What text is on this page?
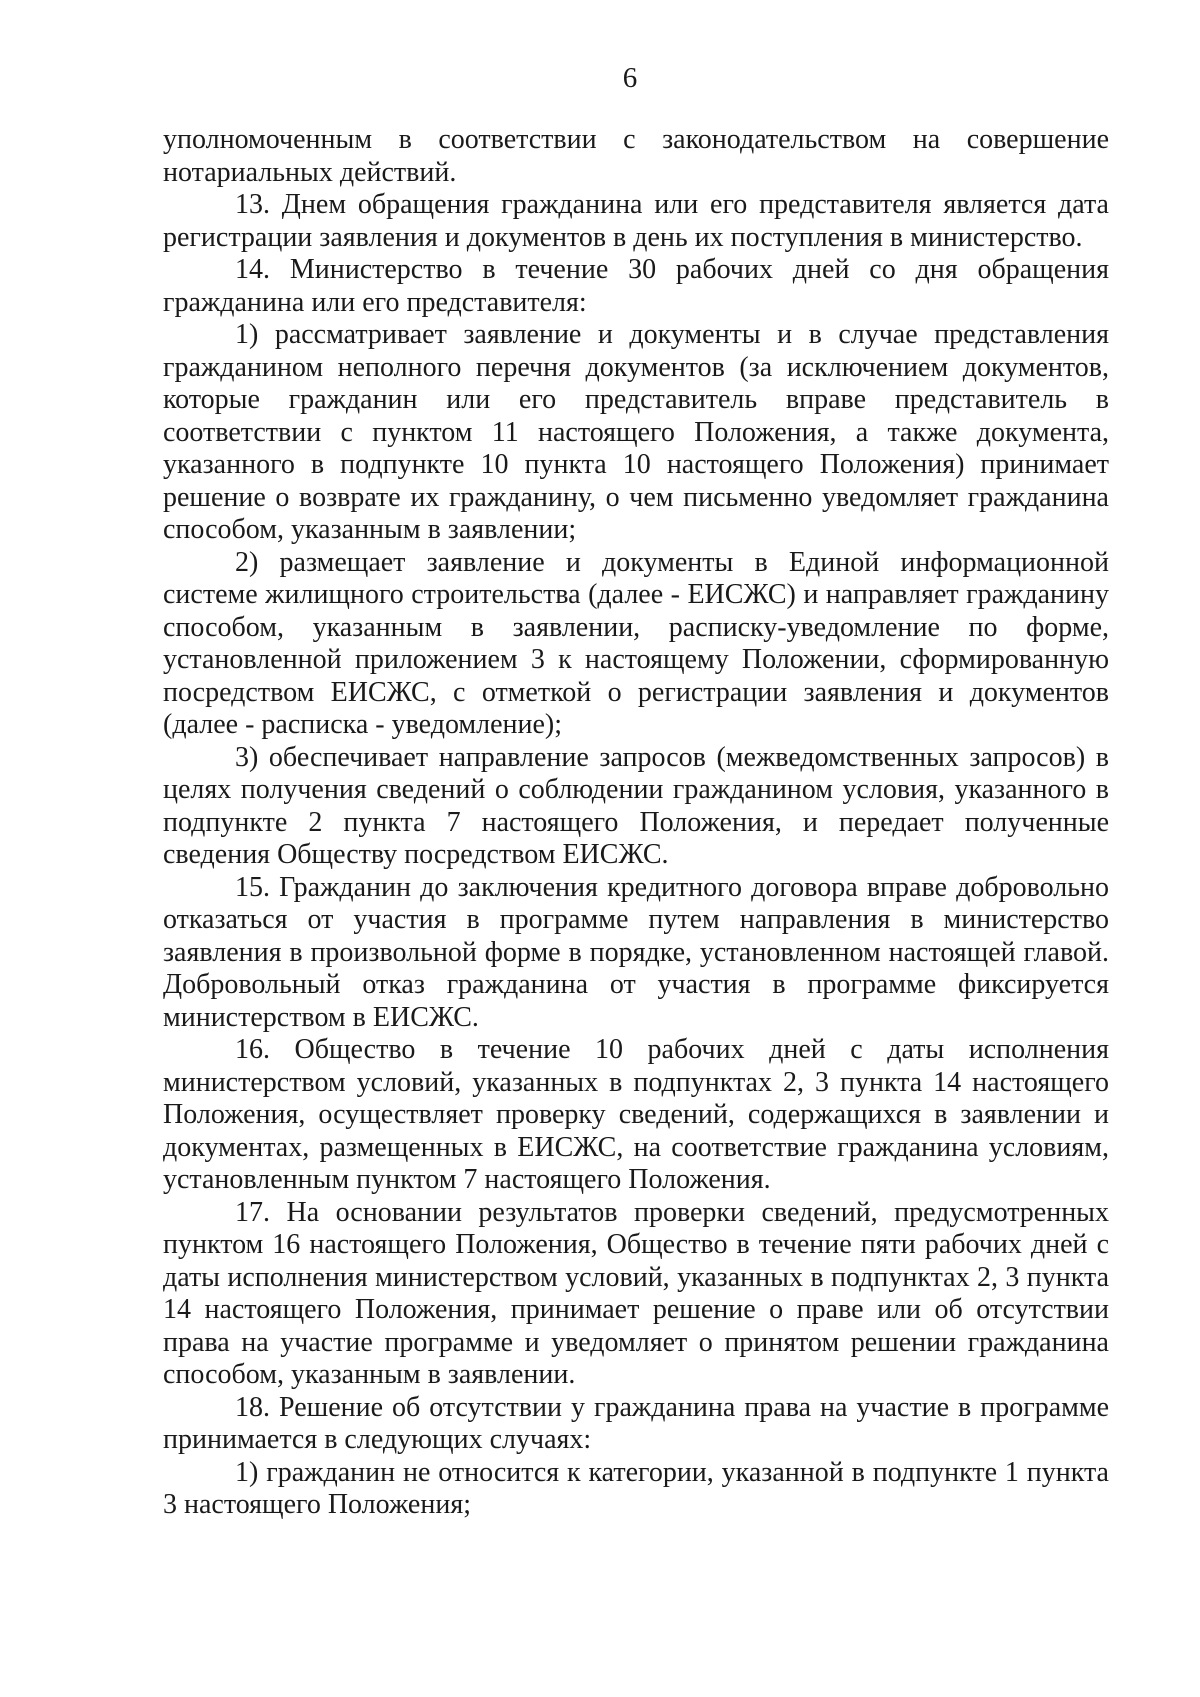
6

уполномоченным в соответствии с законодательством на совершение нотариальных действий.

13. Днем обращения гражданина или его представителя является дата регистрации заявления и документов в день их поступления в министерство.

14. Министерство в течение 30 рабочих дней со дня обращения гражданина или его представителя:

1) рассматривает заявление и документы и в случае представления гражданином неполного перечня документов (за исключением документов, которые гражданин или его представитель вправе представитель в соответствии с пунктом 11 настоящего Положения, а также документа, указанного в подпункте 10 пункта 10 настоящего Положения) принимает решение о возврате их гражданину, о чем письменно уведомляет гражданина способом, указанным в заявлении;

2) размещает заявление и документы в Единой информационной системе жилищного строительства (далее - ЕИСЖС) и направляет гражданину способом, указанным в заявлении, расписку-уведомление по форме, установленной приложением 3 к настоящему Положении, сформированную посредством ЕИСЖС, с отметкой о регистрации заявления и документов (далее - расписка - уведомление);

3) обеспечивает направление запросов (межведомственных запросов) в целях получения сведений о соблюдении гражданином условия, указанного в подпункте 2 пункта 7 настоящего Положения, и передает полученные сведения Обществу посредством ЕИСЖС.

15. Гражданин до заключения кредитного договора вправе добровольно отказаться от участия в программе путем направления в министерство заявления в произвольной форме в порядке, установленном настоящей главой. Добровольный отказ гражданина от участия в программе фиксируется министерством в ЕИСЖС.

16. Общество в течение 10 рабочих дней с даты исполнения министерством условий, указанных в подпунктах 2, 3 пункта 14 настоящего Положения, осуществляет проверку сведений, содержащихся в заявлении и документах, размещенных в ЕИСЖС, на соответствие гражданина условиям, установленным пунктом 7 настоящего Положения.

17. На основании результатов проверки сведений, предусмотренных пунктом 16 настоящего Положения, Общество в течение пяти рабочих дней с даты исполнения министерством условий, указанных в подпунктах 2, 3 пункта 14 настоящего Положения, принимает решение о праве или об отсутствии права на участие программе и уведомляет о принятом решении гражданина способом, указанным в заявлении.

18. Решение об отсутствии у гражданина права на участие в программе принимается в следующих случаях:

1) гражданин не относится к категории, указанной в подпункте 1 пункта 3 настоящего Положения;
